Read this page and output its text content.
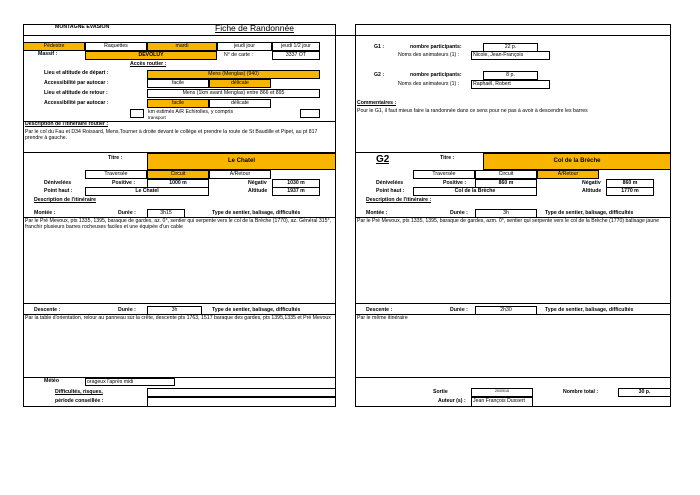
MONTAGNE EVASION	Fiche de Randonnée
Pédestre	Raquettes	mardi	jeudi jour	jeudi 1/2 jour
Massif :	DEVOLUY	N° de carte :	3337 OT
Accès routier :
Lieu et altitude de départ :	Mens (Menglas) (940)
Accessibilité par autocar :	facile	délicate
Lieu et altitude de retour :	Mens (1km avant Menglas) entre 866 et 895
Accessibilité par autocar :	facile	délicate
km estimés A/R Echirolles, y compris
transport
Description de l'itinéraire routier :
Par le col du Fau et D34 Roissard, Mens.Tourner à droite devant le collège et prendre la route de St Baudille et Pipet, au pt 817 prendre à gauche.
G1 :	nombre participants:	22 p.
Noms des animateurs (1) :	Nicole, Jean-François
G2 :	nombre participants:	8 p.
Noms des animateurs (1) :	Raphaël, Robert
Commentaires :
Pour le G1, il faut mieux faire la randonnée dans ce sens pour ne pas à avoir à descendre les barres
Titre :	Le Chatel
Traversée	Circuit	A/Retour
Dénivelées	Positive :	1000 m	Négativ	1030 m
Point haut :	Le Chatel	Altitude	1937 m
Description de l'itinéraire
Montée :	Durée :	3h15	Type de sentier, balisage, difficultés
Par le Pré Mevoux, pts 1335, 1395, baraque de gardes, az. 0°, sentier qui serpente vers le col de la Brèche (1770), az. Général 315°, franchir plusieurs barres rocheuses faciles et une équipée d'un cable
Descente :	Durée :	3h	Type de sentier, balisage, difficultés
Par la table d'orientation, relour au panneau sur la crête, descente pts 1763, 1517 baraque des gardes, pts 1395,1335 et Pré Mevoux
G2	Titre :	Col de la Brèche
Traversée	Circuit	A/Retour
Dénivelées	Positive :	860 m	Négativ	860 m
Point haut :	Col de la Brèche	Altitude	1770 m
Description de l'itinéraire :
Montée :	Durée :	3h	Type de sentier, balisage, difficultés
Par le Pré Mevoux, pts 1335, 1395, baraque de gardes, azm. 0°, sentier qui serpente vers le col de la Brèche (1770) balisage jaune
Descente :	Durée :	2h30	Type de sentier, balisage, difficultés
Par le même itinéraire
Météo	orageux l'après midi
Difficultés, risques,
période conseillée :
Sortie	20/09/16	Nombre total :	30 p.
Auteur (s) :	Jean François Dussert
